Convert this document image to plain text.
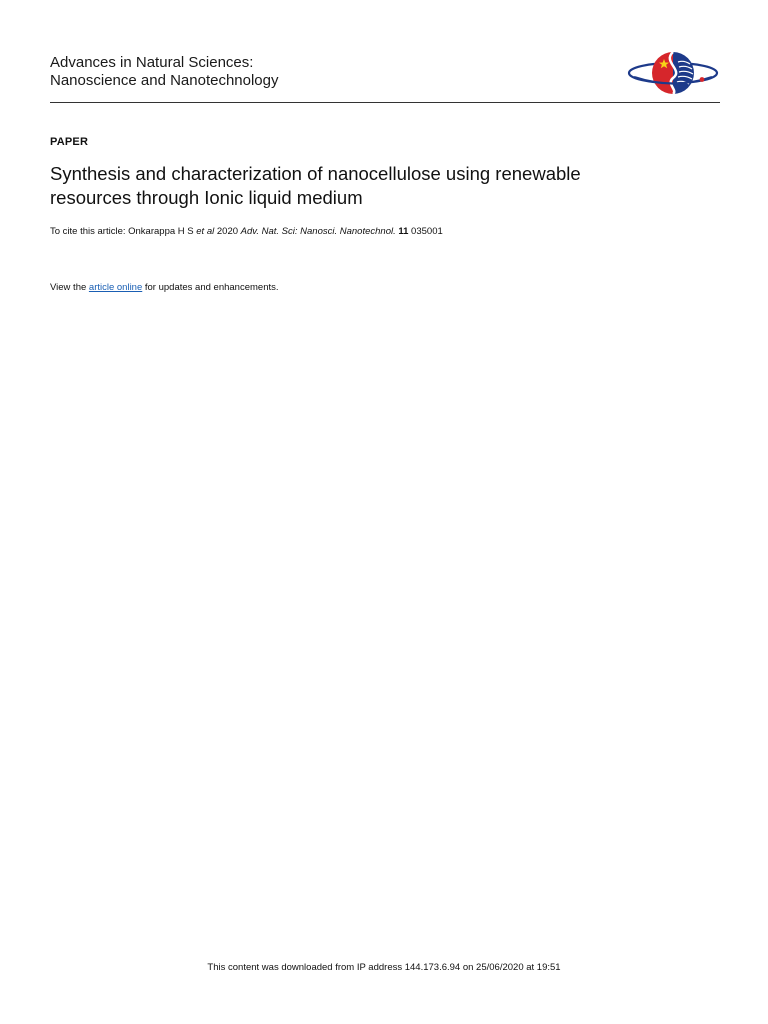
Advances in Natural Sciences:
Nanoscience and Nanotechnology
PAPER
Synthesis and characterization of nanocellulose using renewable
resources through Ionic liquid medium
To cite this article: Onkarappa H S et al 2020 Adv. Nat. Sci: Nanosci. Nanotechnol. 11 035001
View the article online for updates and enhancements.
This content was downloaded from IP address 144.173.6.94 on 25/06/2020 at 19:51
